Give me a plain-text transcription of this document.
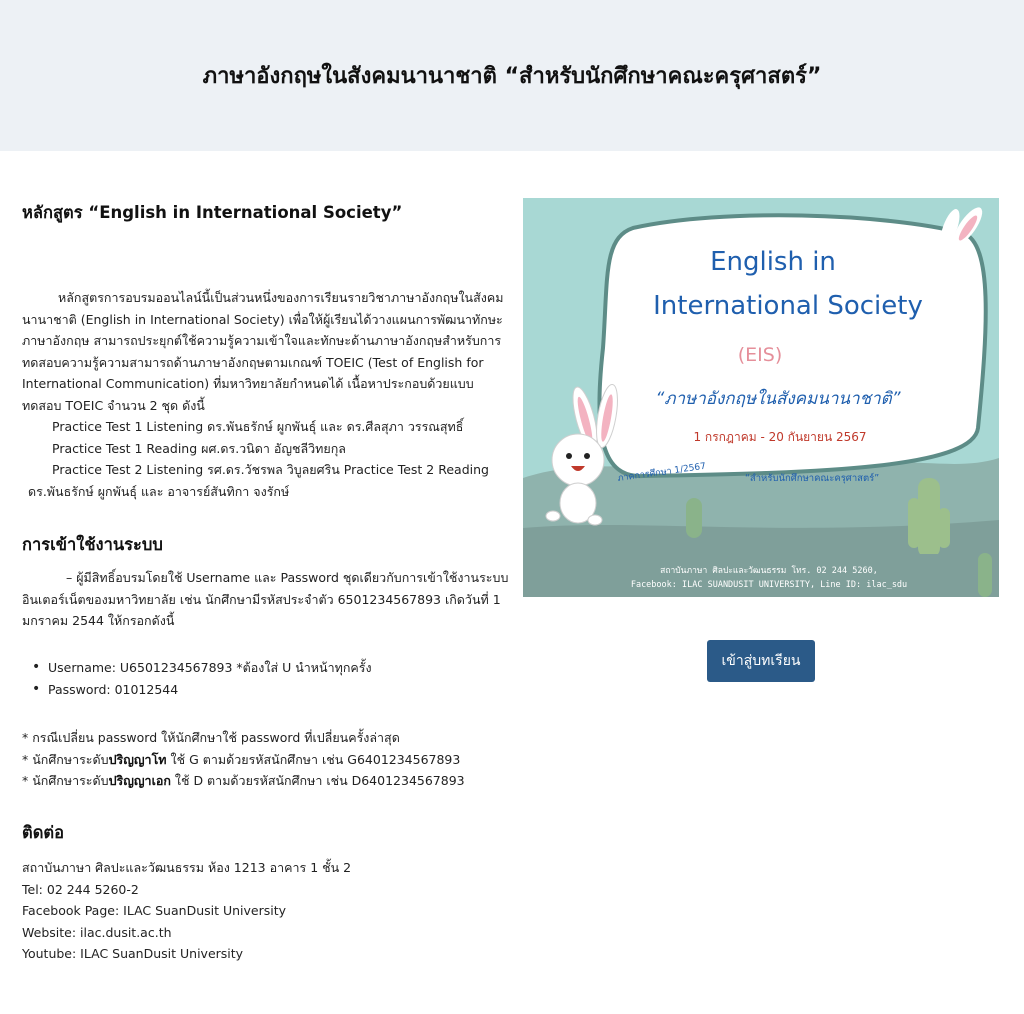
ภาษาอังกฤษในสังคมนานาชาติ “สำหรับนักศึกษาคณะครุศาสตร์”
หลักสูตร “English in International Society”

หลักสูตรการอบรมออนไลน์นี้เป็นส่วนหนึ่งของการเรียนรายวิชาภาษาอังกฤษในสังคมนานาชาติ (English in International Society) เพื่อให้ผู้เรียนได้วางแผนการพัฒนาทักษะภาษาอังกฤษ สามารถประยุกต์ใช้ความรู้ความเข้าใจและทักษะด้านภาษาอังกฤษสำหรับการทดสอบความรู้ความสามารถด้านภาษาอังกฤษตามเกณฑ์ TOEIC (Test of English for International Communication) ที่มหาวิทยาลัยกำหนดได้ เนื้อหาประกอบด้วยแบบทดสอบ TOEIC จำนวน 2 ชุด ดังนี้

Practice Test 1 Listening ดร.พันธรักษ์ ผูกพันธุ์ และ ดร.ศีลสุภา วรรณสุทธิ์

Practice Test 1 Reading ผศ.ดร.วนิดา อัญชลีวิทยกุล

Practice Test 2 Listening รศ.ดร.วัชรพล วิบูลยศริน Practice Test 2 Reading

ดร.พันธรักษ์ ผูกพันธุ์ และ อาจารย์สันทิกา จงรักษ์

การเข้าใช้งานระบบ

– ผู้มีสิทธิ์อบรมโดยใช้ Username และ Password ชุดเดียวกับการเข้าใช้งานระบบอินเตอร์เน็ตของมหาวิทยาลัย เช่น นักศึกษามีรหัสประจำตัว 6501234567893 เกิดวันที่ 1 มกราคม 2544 ให้กรอกดังนี้

• Username: U6501234567893 *ต้องใส่ U นำหน้าทุกครั้ง
• Password: 01012544

* กรณีเปลี่ยน password ให้นักศึกษาใช้ password ที่เปลี่ยนครั้งล่าสุด

* นักศึกษาระดับปริญญาโท ใช้ G ตามด้วยรหัสนักศึกษา เช่น G6401234567893

* นักศึกษาระดับปริญญาเอก ใช้ D ตามด้วยรหัสนักศึกษา เช่น D6401234567893

ติดต่อ

สถาบันภาษา ศิลปะและวัฒนธรรม ห้อง 1213 อาคาร 1 ชั้น 2

Tel: 02 244 5260-2

Facebook Page: ILAC SuanDusit University

Website: ilac.dusit.ac.th

Youtube: ILAC SuanDusit University

English in
International Society
(EIS)
“ภาษาอังกฤษในสังคมนานาชาติ”
1 กรกฎาคม - 20 กันยายน 2567
ภาคการศึกษา 1/2567	“สำหรับนักศึกษาคณะครุศาสตร์”
สถาบันภาษา ศิลปะและวัฒนธรรม โทร. 02 244 5260,
Facebook: ILAC SUANDUSIT UNIVERSITY, Line ID: ilac_sdu
เข้าสู่บทเรียน
